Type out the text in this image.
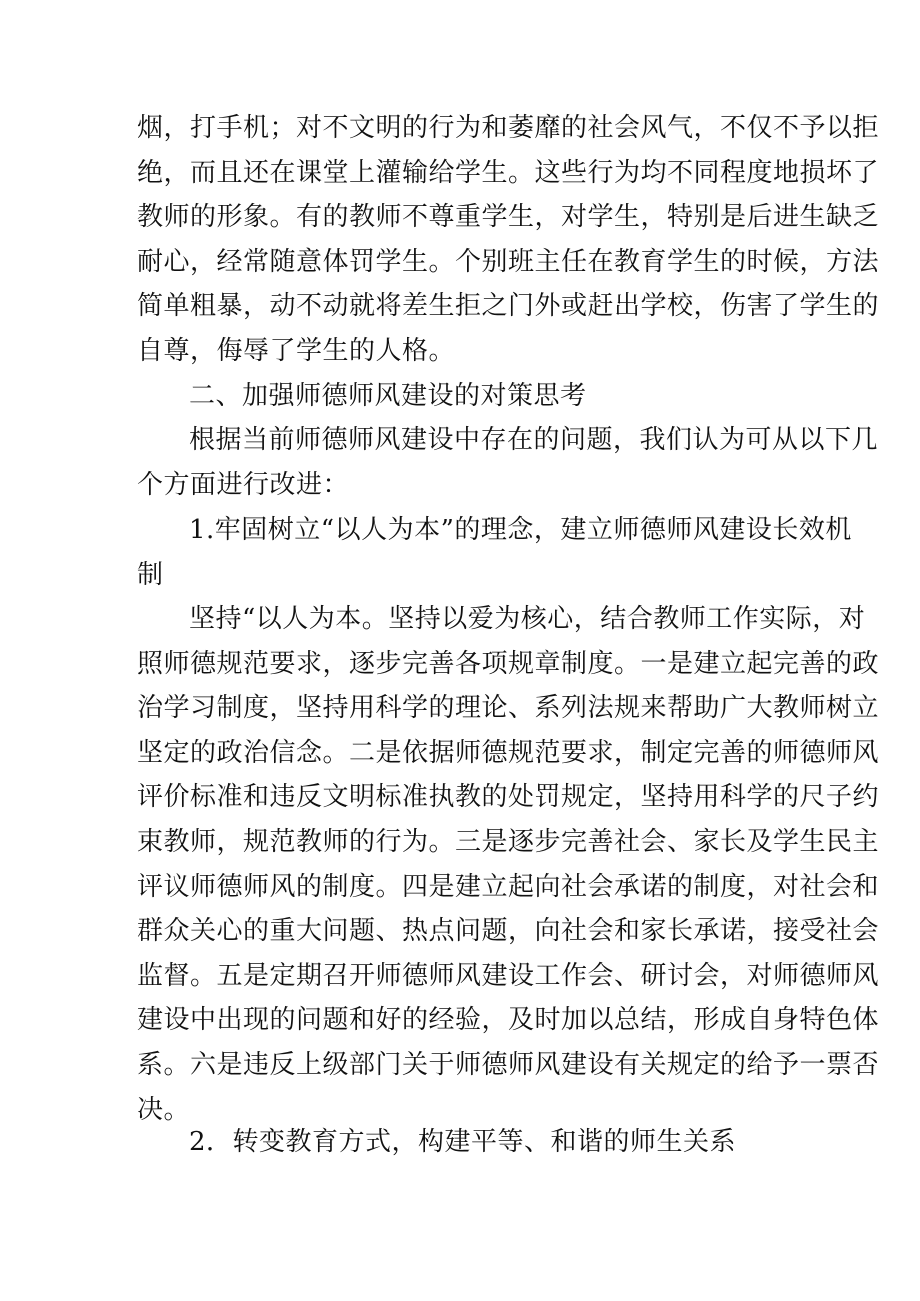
烟，打手机；对不文明的行为和萎靡的社会风气，不仅不予以拒
绝，而且还在课堂上灌输给学生。这些行为均不同程度地损坏了
教师的形象。有的教师不尊重学生，对学生，特别是后进生缺乏
耐心，经常随意体罚学生。个别班主任在教育学生的时候，方法
简单粗暴，动不动就将差生拒之门外或赶出学校，伤害了学生的
自尊，侮辱了学生的人格。
二、加强师德师风建设的对策思考
根据当前师德师风建设中存在的问题，我们认为可从以下几
个方面进行改进：
1.牢固树立“以人为本”的理念，建立师德师风建设长效机
制
坚持“以人为本。坚持以爱为核心，结合教师工作实际，对
照师德规范要求，逐步完善各项规章制度。一是建立起完善的政
治学习制度，坚持用科学的理论、系列法规来帮助广大教师树立
坚定的政治信念。二是依据师德规范要求，制定完善的师德师风
评价标准和违反文明标准执教的处罚规定，坚持用科学的尺子约
束教师，规范教师的行为。三是逐步完善社会、家长及学生民主
评议师德师风的制度。四是建立起向社会承诺的制度，对社会和
群众关心的重大问题、热点问题，向社会和家长承诺，接受社会
监督。五是定期召开师德师风建设工作会、研讨会，对师德师风
建设中出现的问题和好的经验，及时加以总结，形成自身特色体
系。六是违反上级部门关于师德师风建设有关规定的给予一票否
决。
2．转变教育方式，构建平等、和谐的师生关系
